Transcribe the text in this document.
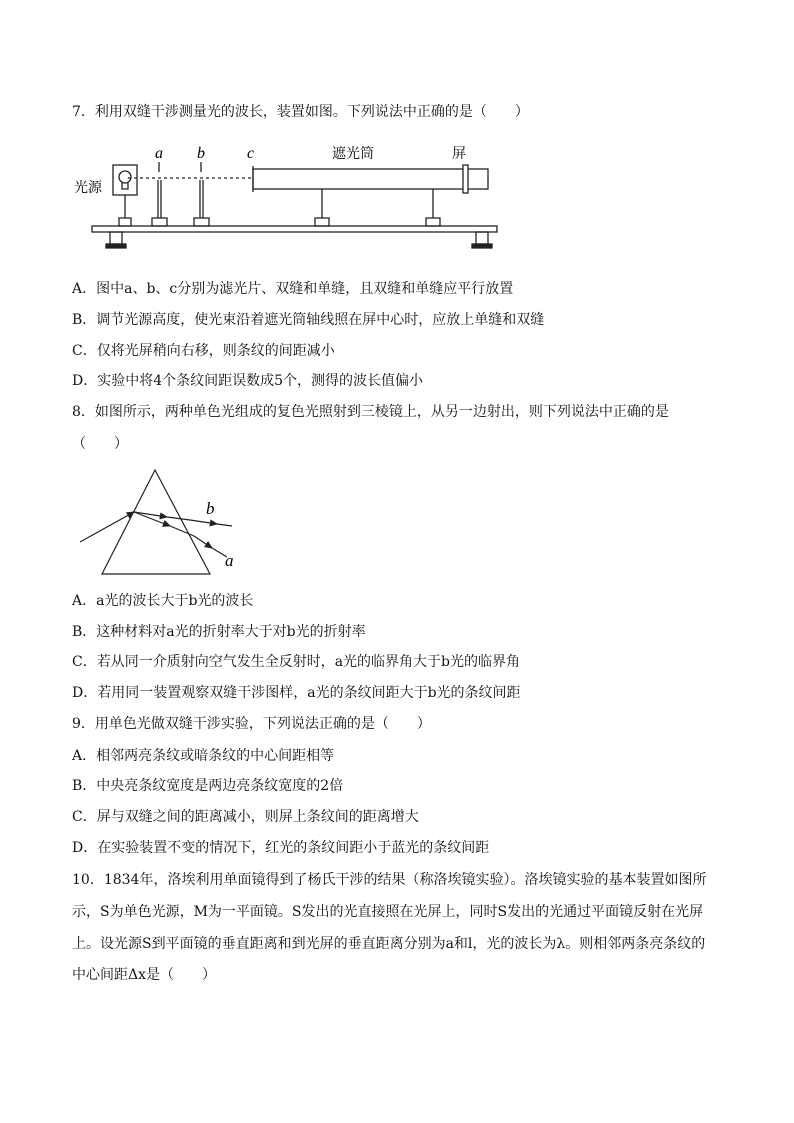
7．利用双缝干涉测量光的波长，装置如图。下列说法中正确的是（　　）
光源
a b	c	遮光筒	屏
A．图中a、b、c分别为滤光片、双缝和单缝，且双缝和单缝应平行放置
B．调节光源高度，使光束沿着遮光筒轴线照在屏中心时，应放上单缝和双缝
C．仅将光屏稍向右移，则条纹的间距减小
D．实验中将4个条纹间距误数成5个，测得的波长值偏小
8．如图所示，两种单色光组成的复色光照射到三棱镜上，从另一边射出，则下列说法中正确的是
（　　）
b
a
A．a光的波长大于b光的波长
B．这种材料对a光的折射率大于对b光的折射率
C．若从同一介质射向空气发生全反射时，a光的临界角大于b光的临界角
D．若用同一装置观察双缝干涉图样，a光的条纹间距大于b光的条纹间距
9．用单色光做双缝干涉实验，下列说法正确的是（　　）
A．相邻两亮条纹或暗条纹的中心间距相等
B．中央亮条纹宽度是两边亮条纹宽度的2倍
C．屏与双缝之间的距离减小，则屏上条纹间的距离增大
D．在实验装置不变的情况下，红光的条纹间距小于蓝光的条纹间距
10．1834年，洛埃利用单面镜得到了杨氏干涉的结果（称洛埃镜实验）。洛埃镜实验的基本装置如图所
示，S为单色光源，M为一平面镜。S发出的光直接照在光屏上，同时S发出的光通过平面镜反射在光屏
上。设光源S到平面镜的垂直距离和到光屏的垂直距离分别为a和l，光的波长为λ。则相邻两条亮条纹的
中心间距Δx是（　　）
